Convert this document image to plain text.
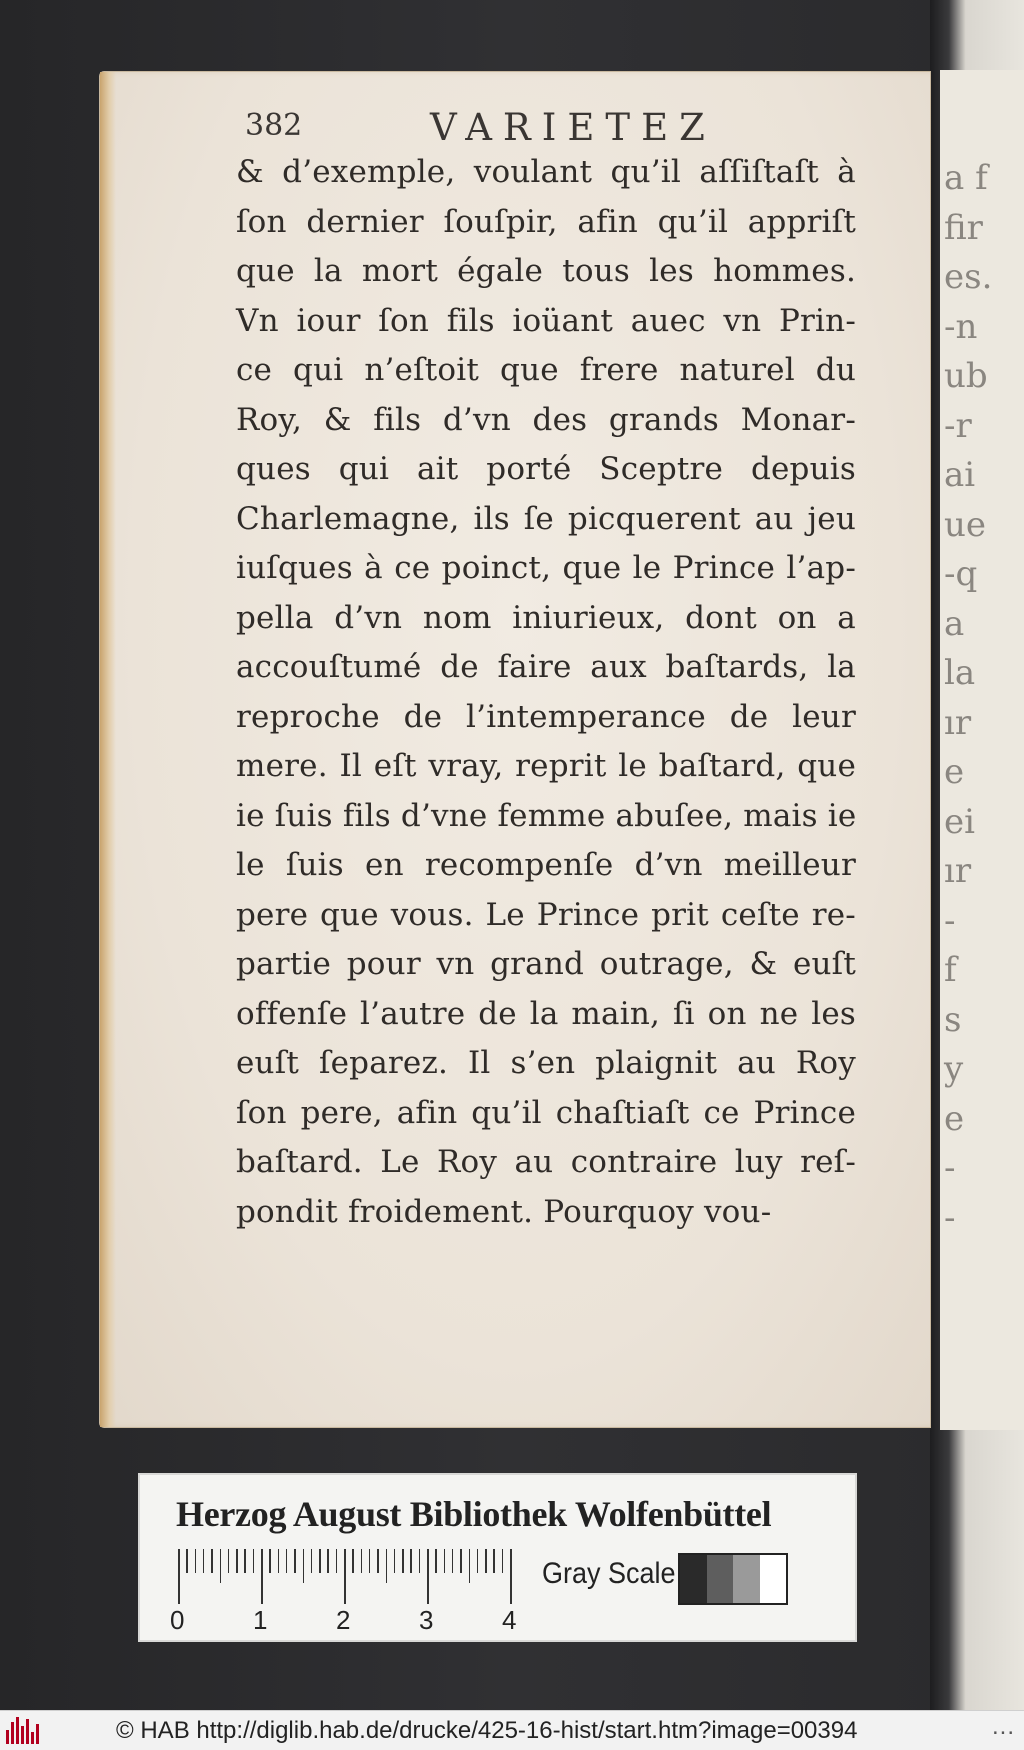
a f
fir
es.
-n
ub
-r
ai
ue
-q
a
la
ır
e
ei
ır
-
f
s
y
e
-
-
382	VARIETEZ
& d’exemple, voulant qu’il aſſiſtaſt à
ſon dernier ſouſpir, afin qu’il appriſt
que la mort égale tous les hommes.
Vn iour ſon fils ioüant auec vn Prin-
ce qui n’eſtoit que frere naturel du
Roy, & fils d’vn des grands Monar-
ques qui ait porté Sceptre depuis
Charlemagne, ils ſe picquerent au jeu
iuſques à ce poinct, que le Prince l’ap-
pella d’vn nom iniurieux, dont on a
accouſtumé de faire aux baſtards, la
reproche de l’intemperance de leur
mere. Il eſt vray, reprit le baſtard, que
ie ſuis fils d’vne femme abuſee, mais ie
le ſuis en recompenſe d’vn meilleur
pere que vous. Le Prince prit ceſte re-
partie pour vn grand outrage, & euſt
offenſe l’autre de la main, ſi on ne les
euſt ſeparez. Il s’en plaignit au Roy
ſon pere, afin qu’il chaſtiaſt ce Prince
baſtard. Le Roy au contraire luy reſ-
pondit froidement. Pourquoy vou-
Herzog August Bibliothek Wolfenbüttel
0	1	2	3	4
Gray Scale
© HAB http://diglib.hab.de/drucke/425-16-hist/start.htm?image=00394	...
